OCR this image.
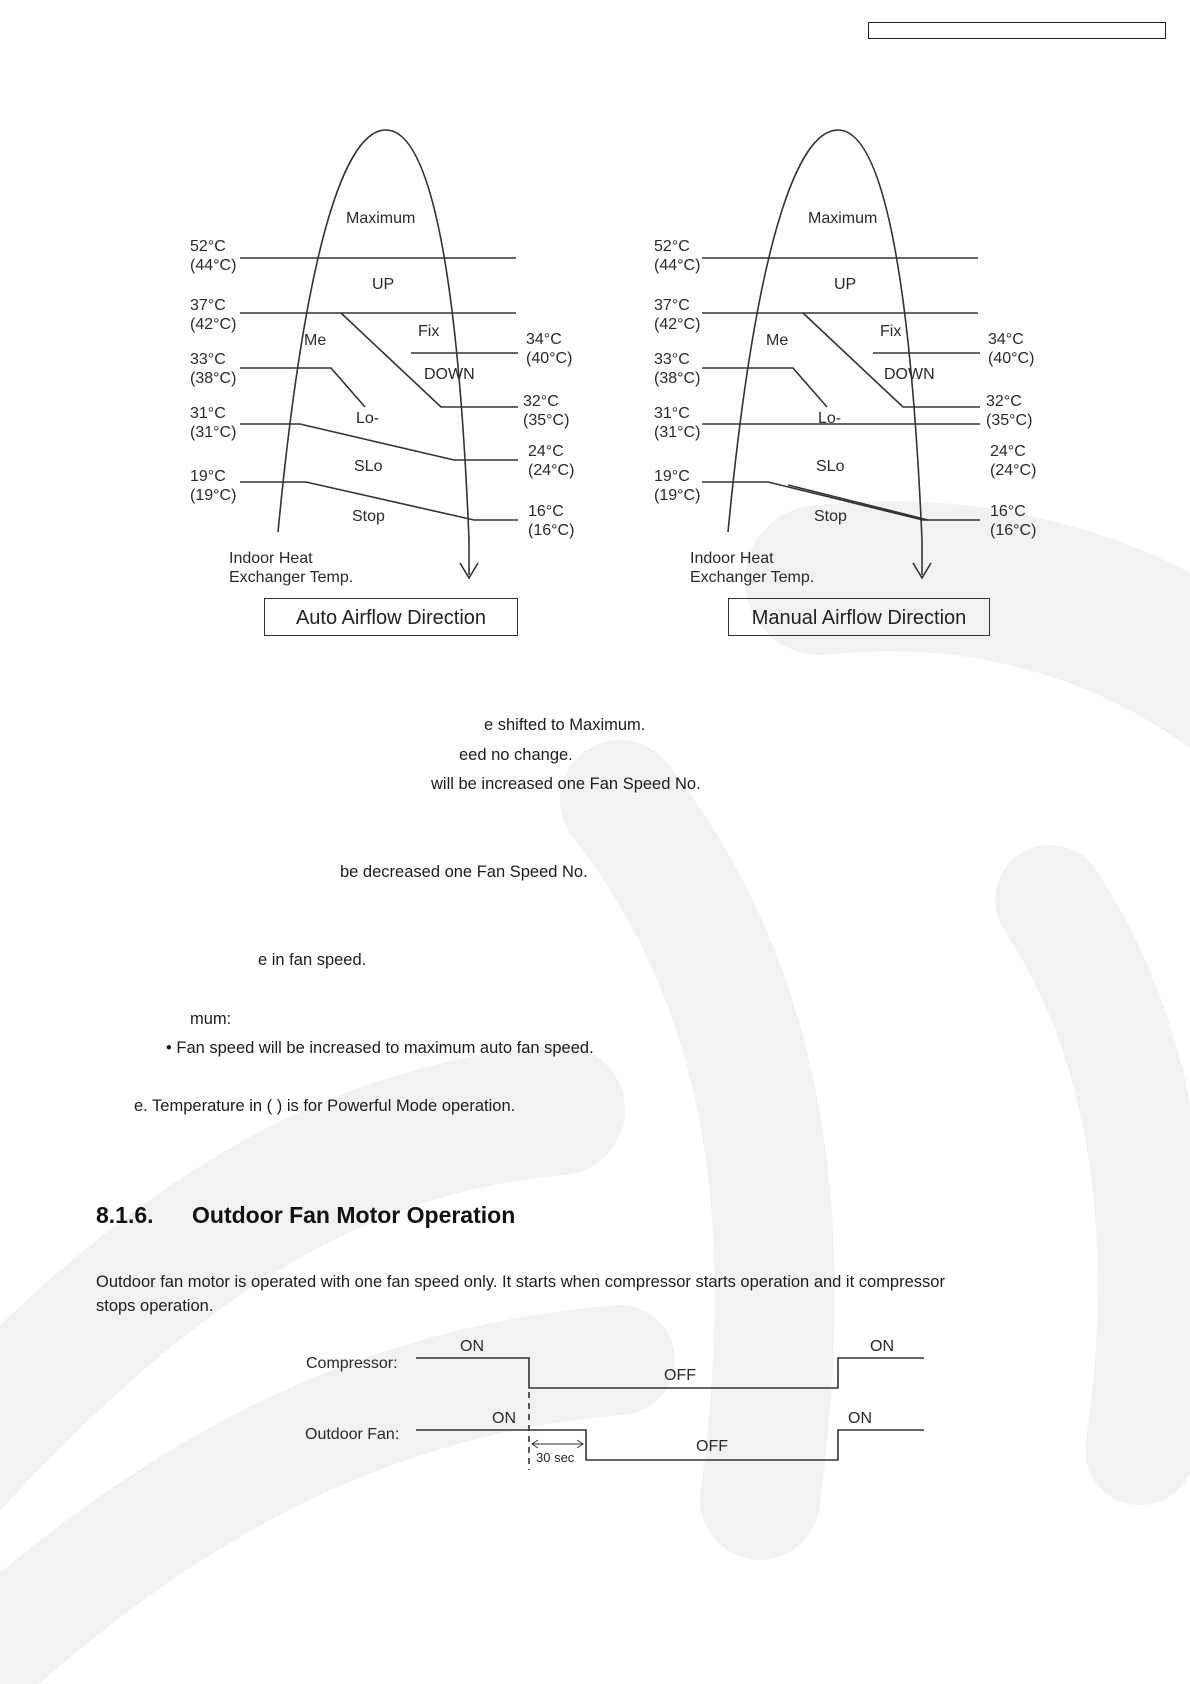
52°C
(44°C)
37°C
(42°C)
33°C
(38°C)
31°C
(31°C)
19°C
(19°C)
34°C
(40°C)
32°C
(35°C)
24°C
(24°C)
16°C
(16°C)
Maximum
UP
Me
Fix
DOWN
Lo-
SLo
Stop
Indoor Heat
Exchanger Temp.
Auto Airflow Direction
52°C
(44°C)
37°C
(42°C)
33°C
(38°C)
31°C
(31°C)
19°C
(19°C)
34°C
(40°C)
32°C
(35°C)
24°C
(24°C)
16°C
(16°C)
Maximum
UP
Me
Fix
DOWN
Lo-
SLo
Stop
Indoor Heat
Exchanger Temp.
Manual Airflow Direction
e shifted to Maximum.
eed no change.
will be increased one Fan Speed No.
be decreased one Fan Speed No.
e in fan speed.
mum:
• Fan speed will be increased to maximum auto fan speed.
e. Temperature in ( ) is for Powerful Mode operation.
8.1.6. Outdoor Fan Motor Operation
Outdoor fan motor is operated with one fan speed only. It starts when compressor starts operation and it compressor stops operation.
Compressor:
Outdoor Fan:
ON
OFF
ON
ON
OFF
ON
30 sec
